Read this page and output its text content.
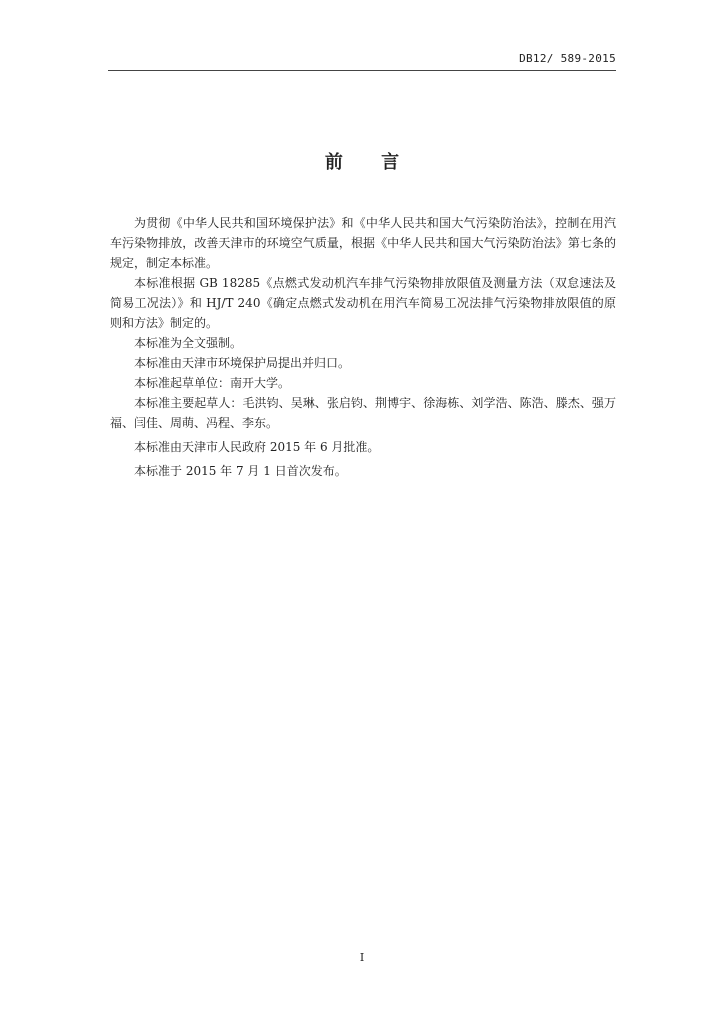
DB12/ 589-2015
前 言

为贯彻《中华人民共和国环境保护法》和《中华人民共和国大气污染防治法》，控制在用汽车污染物排放，改善天津市的环境空气质量，根据《中华人民共和国大气污染防治法》第七条的规定，制定本标准。

本标准根据 GB 18285《点燃式发动机汽车排气污染物排放限值及测量方法（双怠速法及简易工况法）》和 HJ/T 240《确定点燃式发动机在用汽车简易工况法排气污染物排放限值的原则和方法》制定的。

本标准为全文强制。

本标准由天津市环境保护局提出并归口。

本标准起草单位：南开大学。

本标准主要起草人：毛洪钧、吴琳、张启钧、荆博宇、徐海栋、刘学浩、陈浩、滕杰、强万福、闫佳、周萌、冯程、李东。

本标准由天津市人民政府 2015 年 6 月批准。

本标准于 2015 年 7 月 1 日首次发布。

I
